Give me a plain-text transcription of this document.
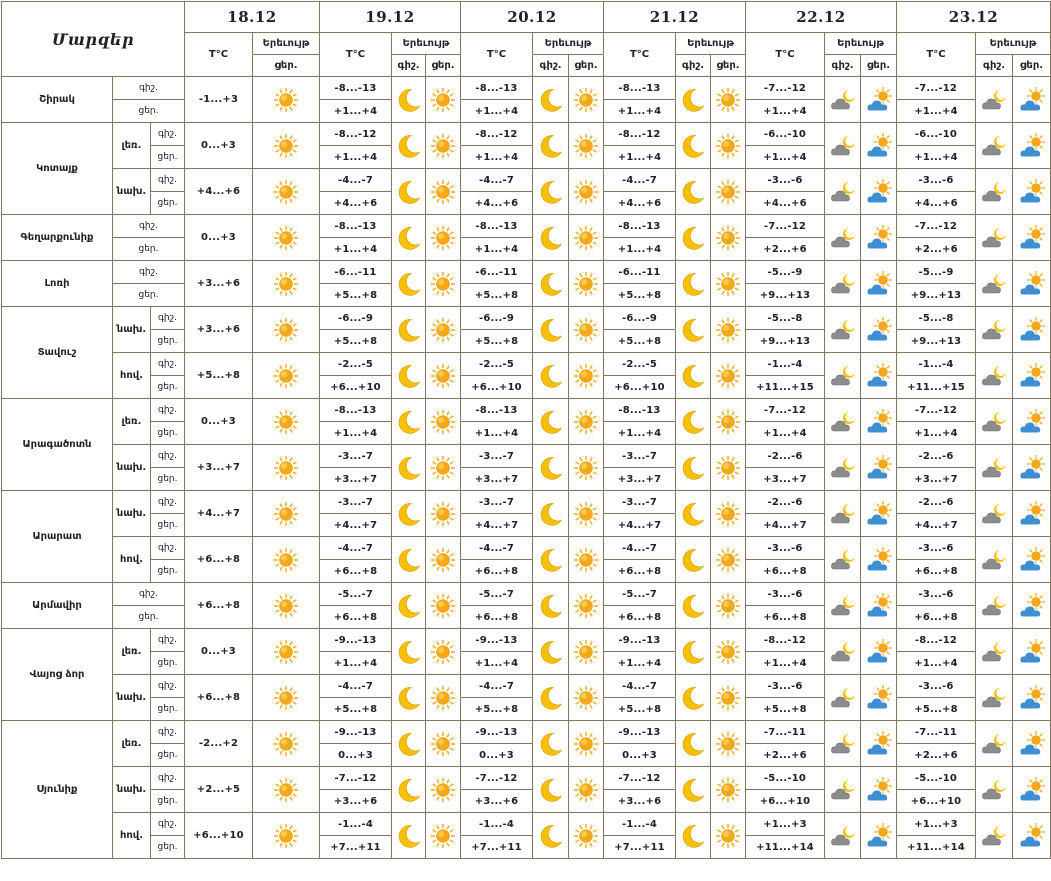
Մարզեր			18.12		19.12			20.12			21.12			22.12			23.12		
			T°C	Երեւույթ	T°C	Երեւույթ		T°C	Երեւույթ		T°C	Երեւույթ		T°C	Երեւույթ		T°C	Երեւույթ	
				ցեր.		գիշ.	ցեր.		գիշ.	ցեր.		գիշ.	ցեր.		գիշ.	ցեր.		գիշ.	ցեր.
Շիրակ	գիշ.		-1...+3		-8...-13			-8...-13			-8...-13			-7...-12			-7...-12		
	ցեր.				+1...+4			+1...+4			+1...+4			+1...+4			+1...+4		
Կոտայք	լեռ.	գիշ.	0...+3		-8...-12			-8...-12			-8...-12			-6...-10			-6...-10		
		ցեր.			+1...+4			+1...+4			+1...+4			+1...+4			+1...+4		
	նախ.	գիշ.	+4...+6		-4...-7			-4...-7			-4...-7			-3...-6			-3...-6		
		ցեր.			+4...+6			+4...+6			+4...+6			+4...+6			+4...+6		
Գեղարքունիք	գիշ.		0...+3		-8...-13			-8...-13			-8...-13			-7...-12			-7...-12		
	ցեր.				+1...+4			+1...+4			+1...+4			+2...+6			+2...+6		
Լոռի	գիշ.		+3...+6		-6...-11			-6...-11			-6...-11			-5...-9			-5...-9		
	ցեր.				+5...+8			+5...+8			+5...+8			+9...+13			+9...+13		
Տավուշ	նախ.	գիշ.	+3...+6		-6...-9			-6...-9			-6...-9			-5...-8			-5...-8		
		ցեր.			+5...+8			+5...+8			+5...+8			+9...+13			+9...+13		
	հով.	գիշ.	+5...+8		-2...-5			-2...-5			-2...-5			-1...-4			-1...-4		
		ցեր.			+6...+10			+6...+10			+6...+10			+11...+15			+11...+15		
Արագածոտն	լեռ.	գիշ.	0...+3		-8...-13			-8...-13			-8...-13			-7...-12			-7...-12		
		ցեր.			+1...+4			+1...+4			+1...+4			+1...+4			+1...+4		
	նախ.	գիշ.	+3...+7		-3...-7			-3...-7			-3...-7			-2...-6			-2...-6		
		ցեր.			+3...+7			+3...+7			+3...+7			+3...+7			+3...+7		
Արարատ	նախ.	գիշ.	+4...+7		-3...-7			-3...-7			-3...-7			-2...-6			-2...-6		
		ցեր.			+4...+7			+4...+7			+4...+7			+4...+7			+4...+7		
	հով.	գիշ.	+6...+8		-4...-7			-4...-7			-4...-7			-3...-6			-3...-6		
		ցեր.			+6...+8			+6...+8			+6...+8			+6...+8			+6...+8		
Արմավիր	գիշ.		+6...+8		-5...-7			-5...-7			-5...-7			-3...-6			-3...-6		
	ցեր.				+6...+8			+6...+8			+6...+8			+6...+8			+6...+8		
Վայոց ձոր	լեռ.	գիշ.	0...+3		-9...-13			-9...-13			-9...-13			-8...-12			-8...-12		
		ցեր.			+1...+4			+1...+4			+1...+4			+1...+4			+1...+4		
	նախ.	գիշ.	+6...+8		-4...-7			-4...-7			-4...-7			-3...-6			-3...-6		
		ցեր.			+5...+8			+5...+8			+5...+8			+5...+8			+5...+8		
Սյունիք	լեռ.	գիշ.	-2...+2		-9...-13			-9...-13			-9...-13			-7...-11			-7...-11		
		ցեր.			0...+3			0...+3			0...+3			+2...+6			+2...+6		
	նախ.	գիշ.	+2...+5		-7...-12			-7...-12			-7...-12			-5...-10			-5...-10		
		ցեր.			+3...+6			+3...+6			+3...+6			+6...+10			+6...+10		
	հով.	գիշ.	+6...+10		-1...-4			-1...-4			-1...-4			+1...+3			+1...+3		
		ցեր.			+7...+11			+7...+11			+7...+11			+11...+14			+11...+14		
